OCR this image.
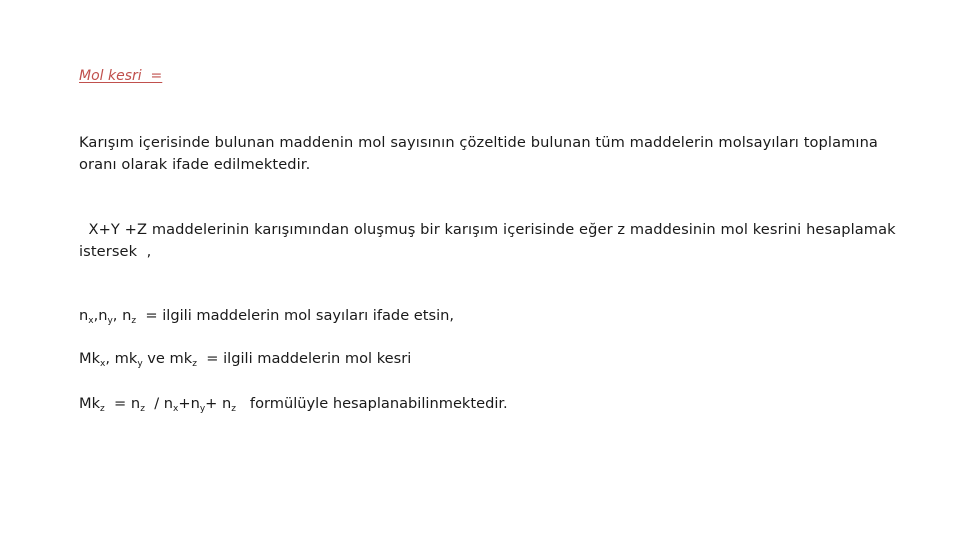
Mol kesri  =
Karışım içerisinde bulunan maddenin mol sayısının çözeltide bulunan tüm maddelerin molsayıları toplamına oranı olarak ifade edilmektedir.
X+Y +Z maddelerinin karışımından oluşmuş bir karışım içerisinde eğer z maddesinin mol kesrini hesaplamak istersek  ,
$n_x,n_y$, $n_z$  = ilgili maddelerin mol sayıları ifade etsin,
$Mk_x$, $mk_y$ ve $mk_z$  = ilgili maddelerin mol kesri
$Mk_z = n_z / n_x+n_y+ n_z$   formülüyle hesaplanabilinmektedir.
